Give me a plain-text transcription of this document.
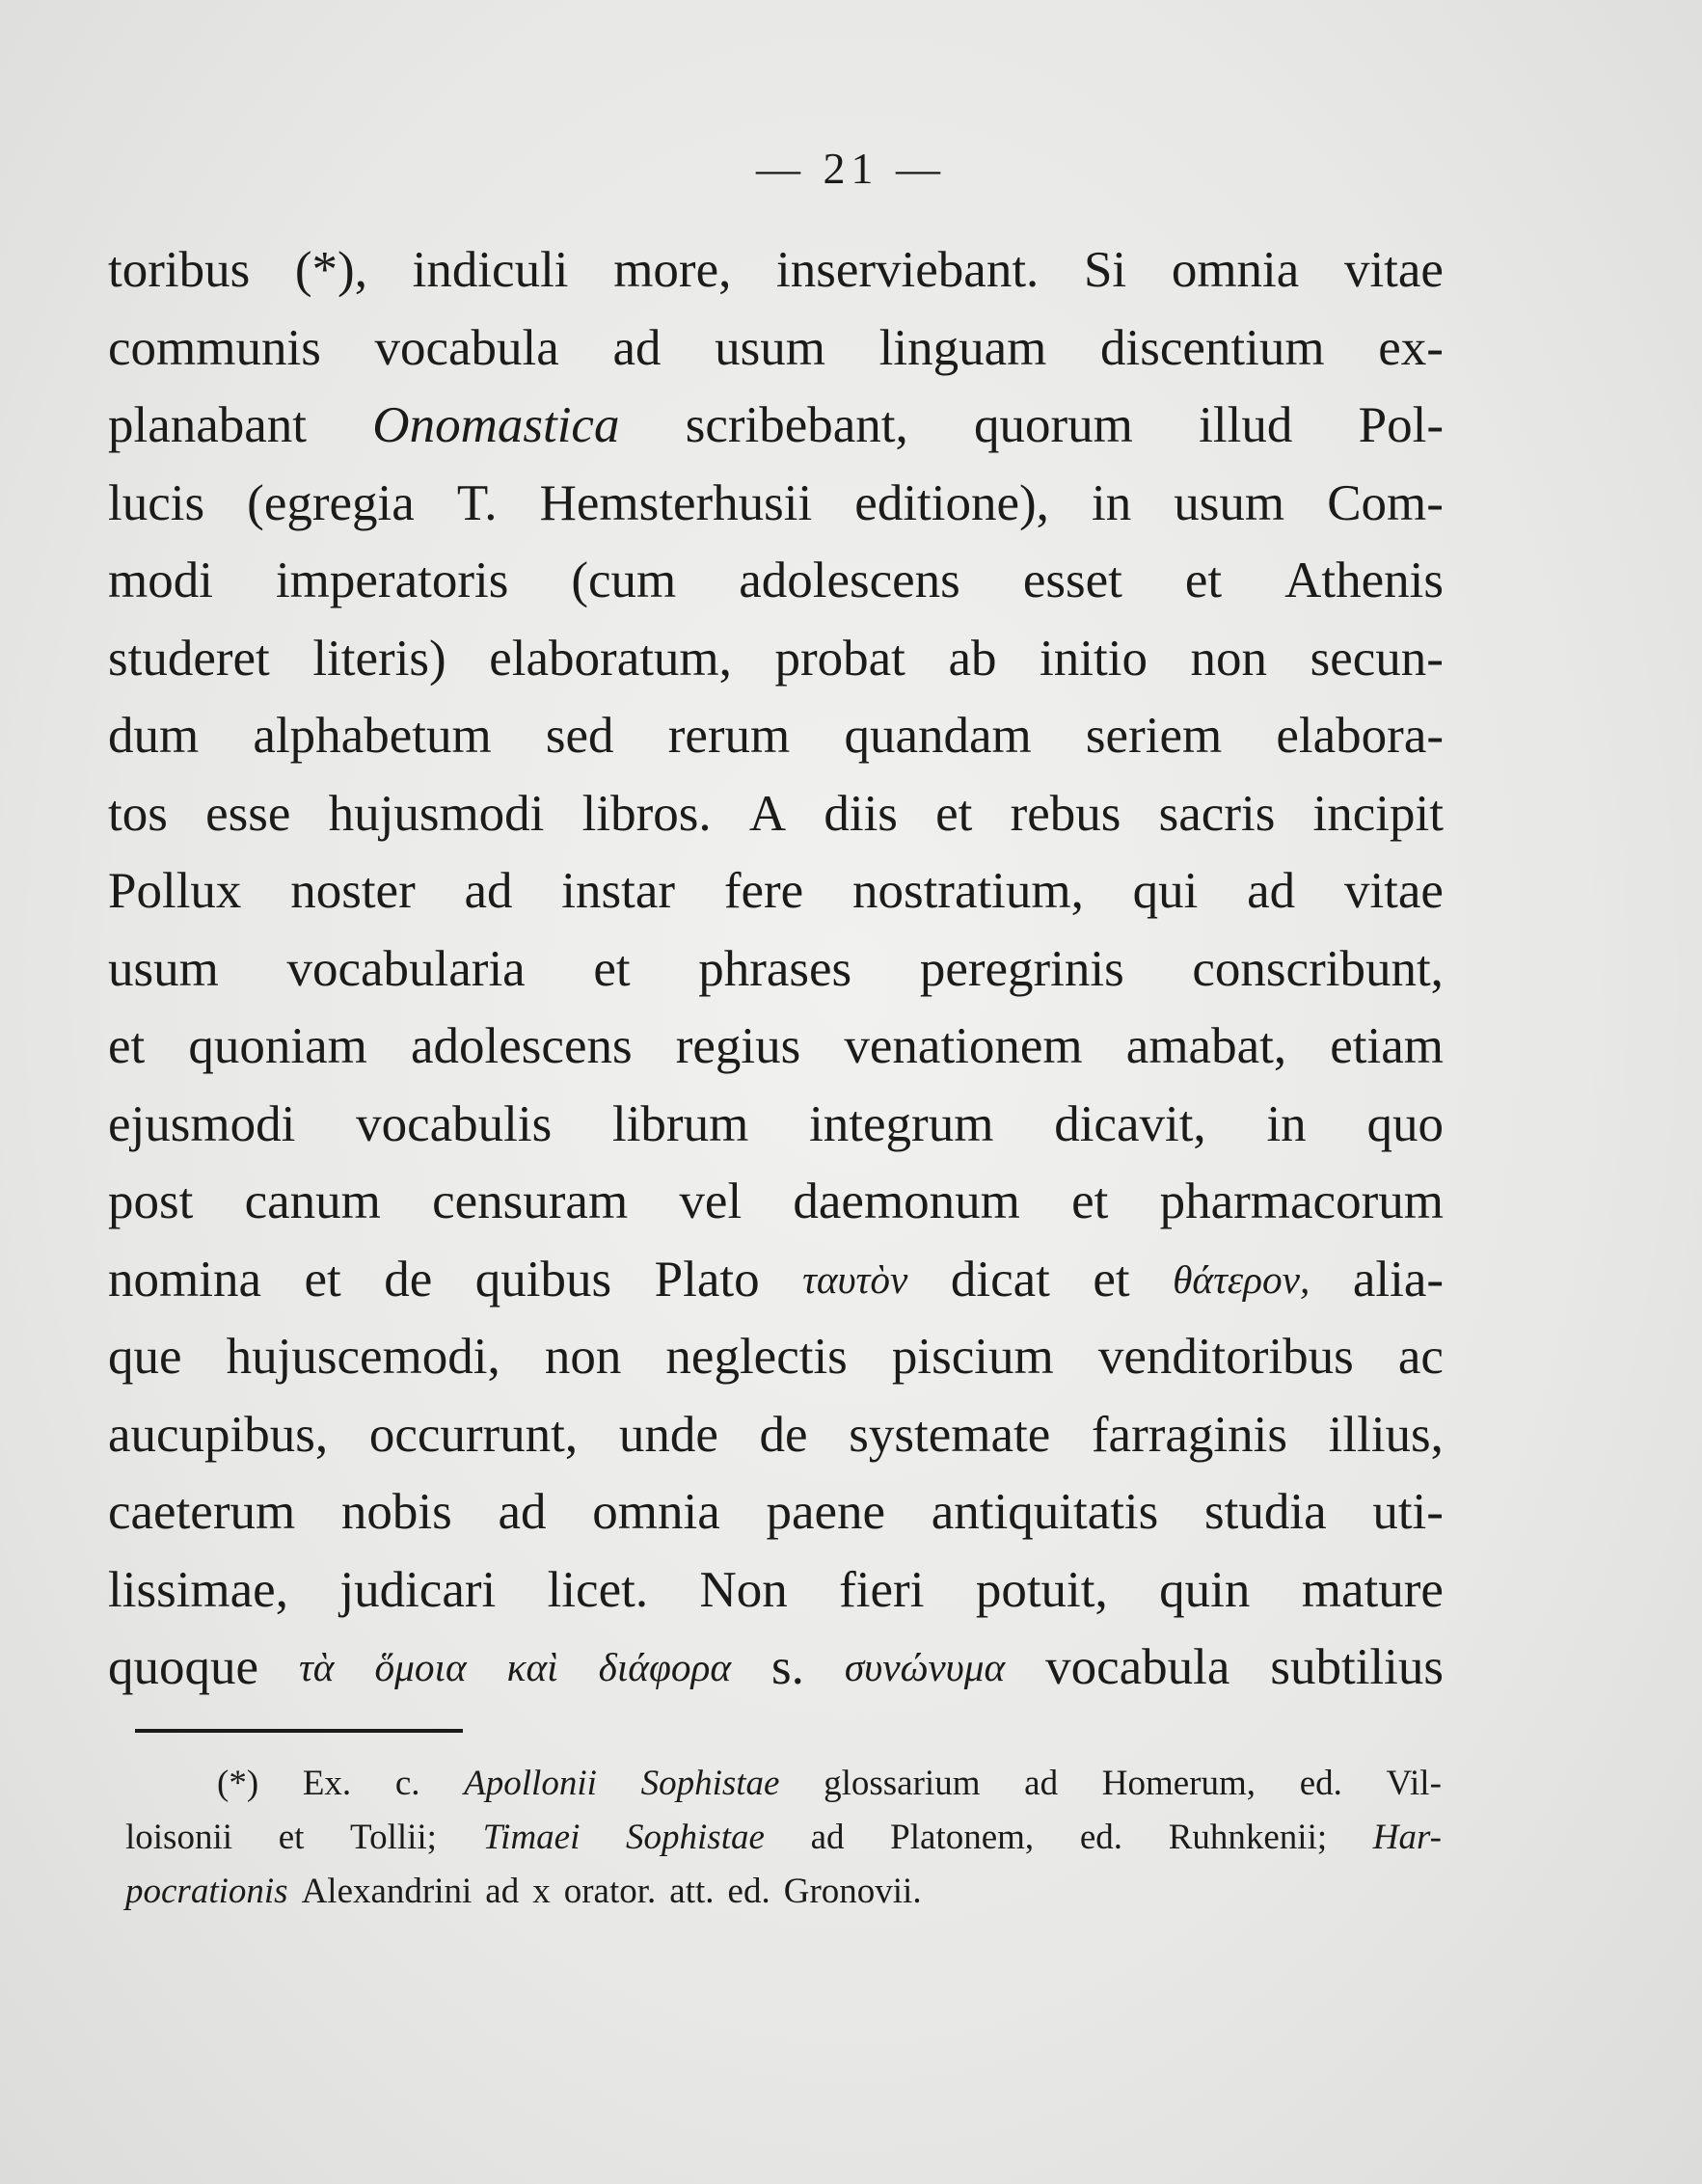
— 21 —
toribus (*), indiculi more, inserviebant. Si omnia vitae
communis vocabula ad usum linguam discentium ex-
planabant Onomastica scribebant, quorum illud Pol-
lucis (egregia T. Hemsterhusii editione), in usum Com-
modi imperatoris (cum adolescens esset et Athenis
studeret literis) elaboratum, probat ab initio non secun-
dum alphabetum sed rerum quandam seriem elabora-
tos esse hujusmodi libros. A diis et rebus sacris incipit
Pollux noster ad instar fere nostratium, qui ad vitae
usum vocabularia et phrases peregrinis conscribunt,
et quoniam adolescens regius venationem amabat, etiam
ejusmodi vocabulis librum integrum dicavit, in quo
post canum censuram vel daemonum et pharmacorum
nomina et de quibus Plato ταυτὸν dicat et θάτερον, alia-
que hujuscemodi, non neglectis piscium venditoribus ac
aucupibus, occurrunt, unde de systemate farraginis illius,
caeterum nobis ad omnia paene antiquitatis studia uti-
lissimae, judicari licet. Non fieri potuit, quin mature
quoque τὰ ὅμοια καὶ διάφορα s. συνώνυμα vocabula subtilius
(*) Ex. c. Apollonii Sophistae glossarium ad Homerum, ed. Vil-
loisonii et Tollii; Timaei Sophistae ad Platonem, ed. Ruhnkenii; Har-
pocrationis Alexandrini ad x orator. att. ed. Gronovii.
